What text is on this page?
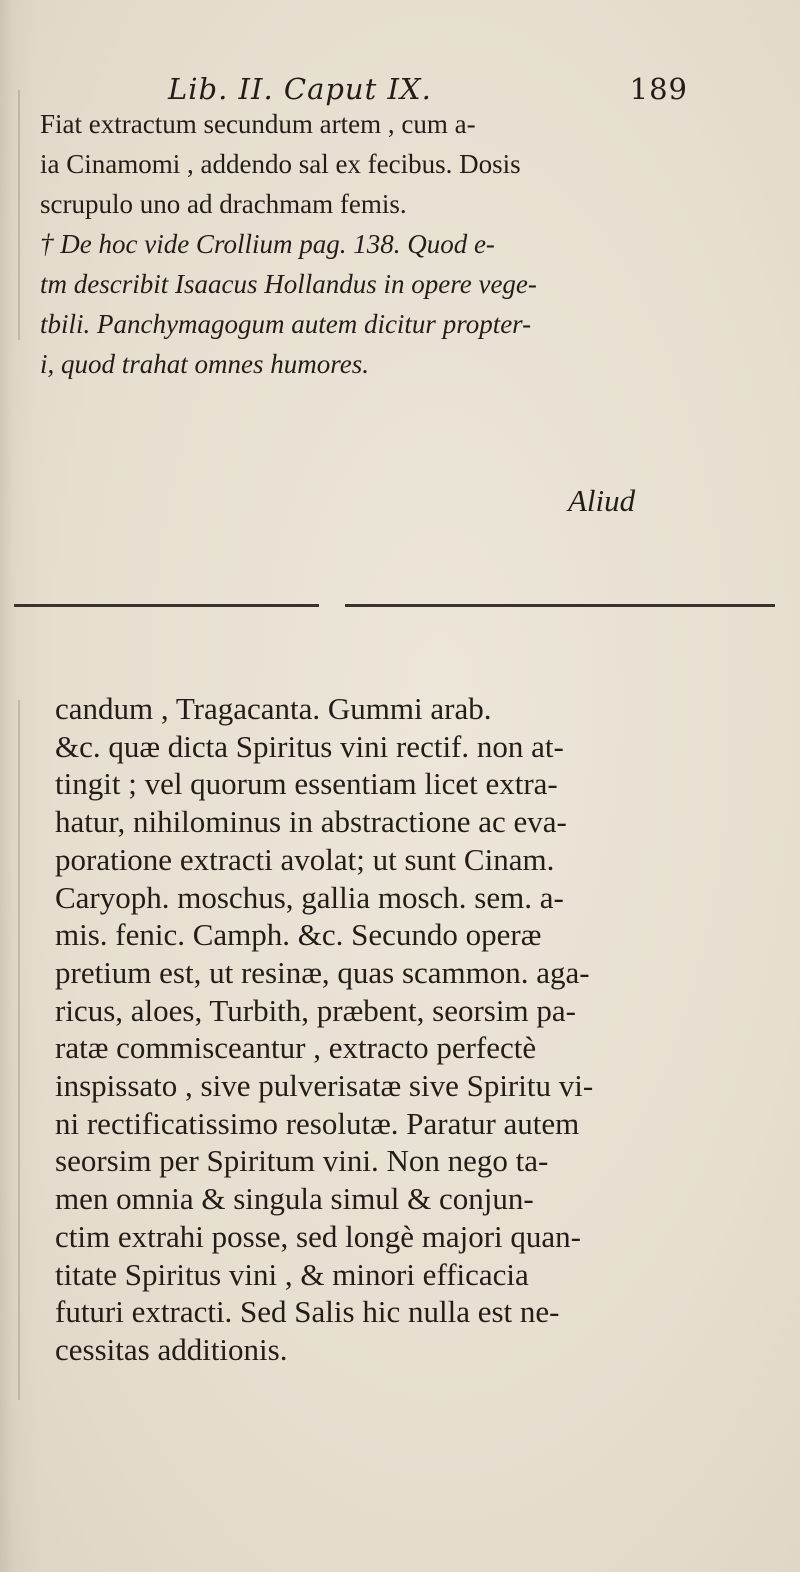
Lib. II. Caput IX.	189
Fiat extractum secundum artem , cum a-
ia Cinamomi , addendo sal ex fecibus. Dosis
scrupulo uno ad drachmam femis.
† De hoc vide Crollium pag. 138. Quod e-
tm describit Isaacus Hollandus in opere vege-
tbili. Panchymagogum autem dicitur propter-
i, quod trahat omnes humores.
Aliud
candum , Tragacanta. Gummi arab.
&c. quæ dicta Spiritus vini rectif. non at-
tingit ; vel quorum essentiam licet extra-
hatur, nihilominus in abstractione ac eva-
poratione extracti avolat; ut sunt Cinam.
Caryoph. moschus, gallia mosch. sem. a-
mis. fenic. Camph. &c. Secundo operæ
pretium est, ut resinæ, quas scammon. aga-
ricus, aloes, Turbith, præbent, seorsim pa-
ratæ commisceantur , extracto perfectè
inspissato , sive pulverisatæ sive Spiritu vi-
ni rectificatissimo resolutæ. Paratur autem
seorsim per Spiritum vini. Non nego ta-
men omnia & singula simul & conjun-
ctim extrahi posse, sed longè majori quan-
titate Spiritus vini , & minori efficacia
futuri extracti. Sed Salis hic nulla est ne-
cessitas additionis.
